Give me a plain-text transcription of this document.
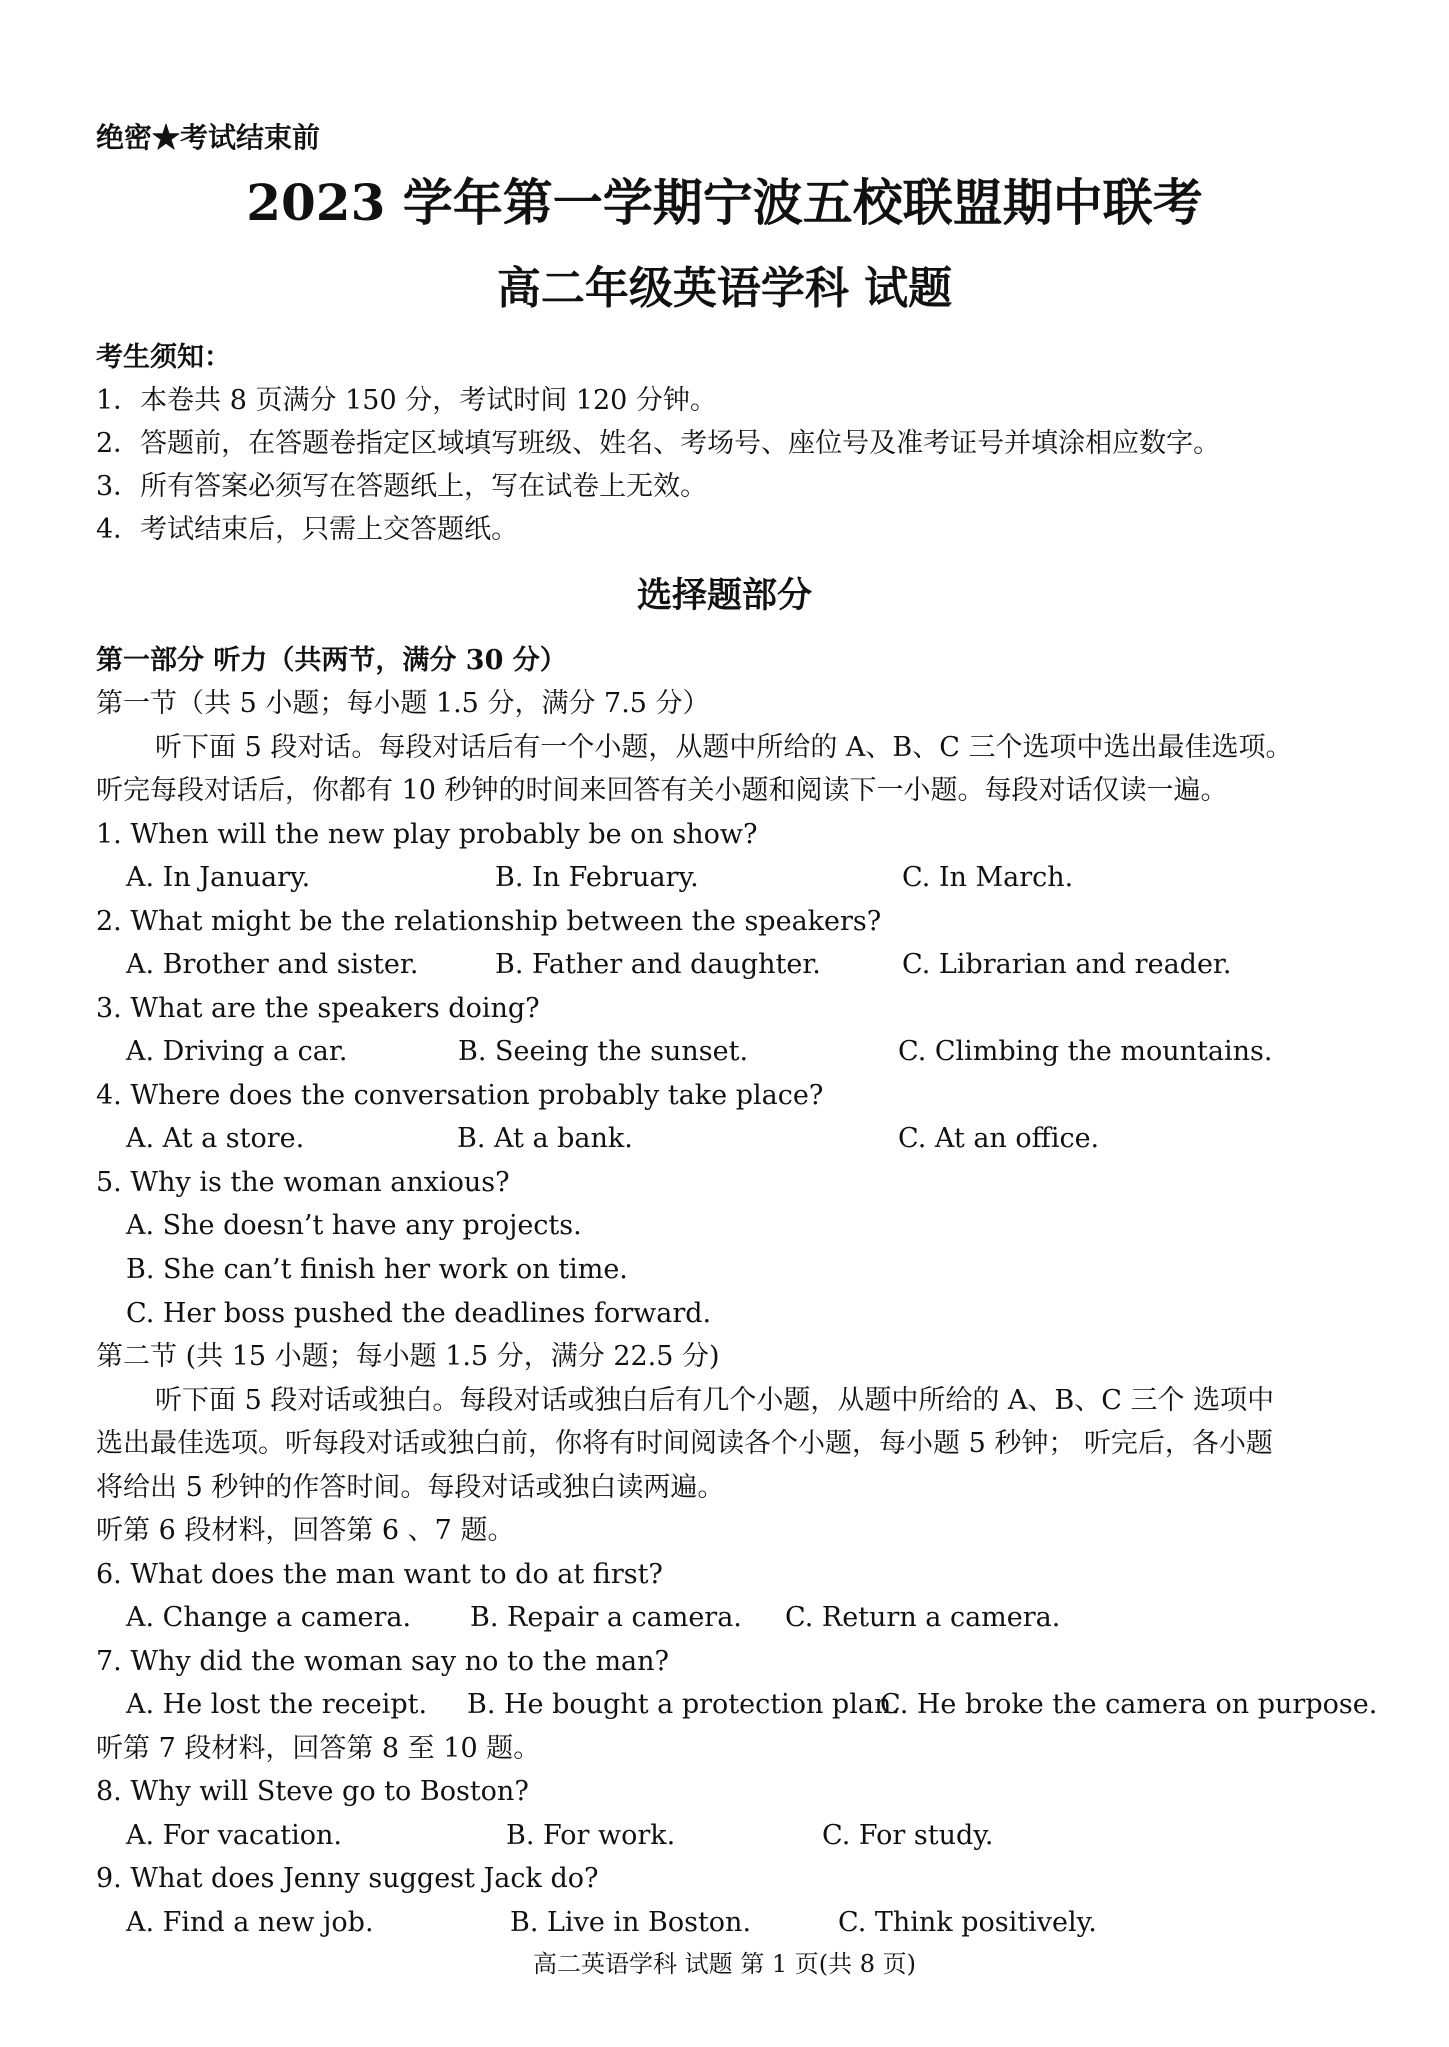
绝密★考试结束前
2023 学年第一学期宁波五校联盟期中联考
高二年级英语学科 试题
考生须知：
1．本卷共 8 页满分 150 分，考试时间 120 分钟。
2．答题前，在答题卷指定区域填写班级、姓名、考场号、座位号及准考证号并填涂相应数字。
3．所有答案必须写在答题纸上，写在试卷上无效。
4．考试结束后，只需上交答题纸。
选择题部分
第一部分 听力（共两节，满分 30 分）
第一节（共 5 小题；每小题 1.5 分，满分 7.5 分）
听下面 5 段对话。每段对话后有一个小题，从题中所给的 A、B、C 三个选项中选出最佳选项。
听完每段对话后，你都有 10 秒钟的时间来回答有关小题和阅读下一小题。每段对话仅读一遍。
1. When will the new play probably be on show?
A. In January.	B. In February.	C. In March.
2. What might be the relationship between the speakers?
A. Brother and sister.	B. Father and daughter.	C. Librarian and reader.
3. What are the speakers doing?
A. Driving a car.	B. Seeing the sunset.	C. Climbing the mountains.
4. Where does the conversation probably take place?
A. At a store.	B. At a bank.	C. At an office.
5. Why is the woman anxious?
A. She doesn’t have any projects.
B. She can’t finish her work on time.
C. Her boss pushed the deadlines forward.
第二节 (共 15 小题；每小题 1.5 分，满分 22.5 分)
听下面 5 段对话或独白。每段对话或独白后有几个小题，从题中所给的 A、B、C 三个 选项中
选出最佳选项。听每段对话或独白前，你将有时间阅读各个小题，每小题 5 秒钟； 听完后，各小题
将给出 5 秒钟的作答时间。每段对话或独白读两遍。
听第 6 段材料，回答第 6 、7 题。
6. What does the man want to do at first?
A. Change a camera. B. Repair a camera. C. Return a camera.
7. Why did the woman say no to the man?
A. He lost the receipt. B. He bought a protection plan.
C. He broke the camera on purpose.
听第 7 段材料，回答第 8 至 10 题。
8. Why will Steve go to Boston?
A. For vacation.	B. For work.	C. For study.
9. What does Jenny suggest Jack do?
A. Find a new job.	B. Live in Boston.	C. Think positively.
高二英语学科 试题 第 1 页(共 8 页)
